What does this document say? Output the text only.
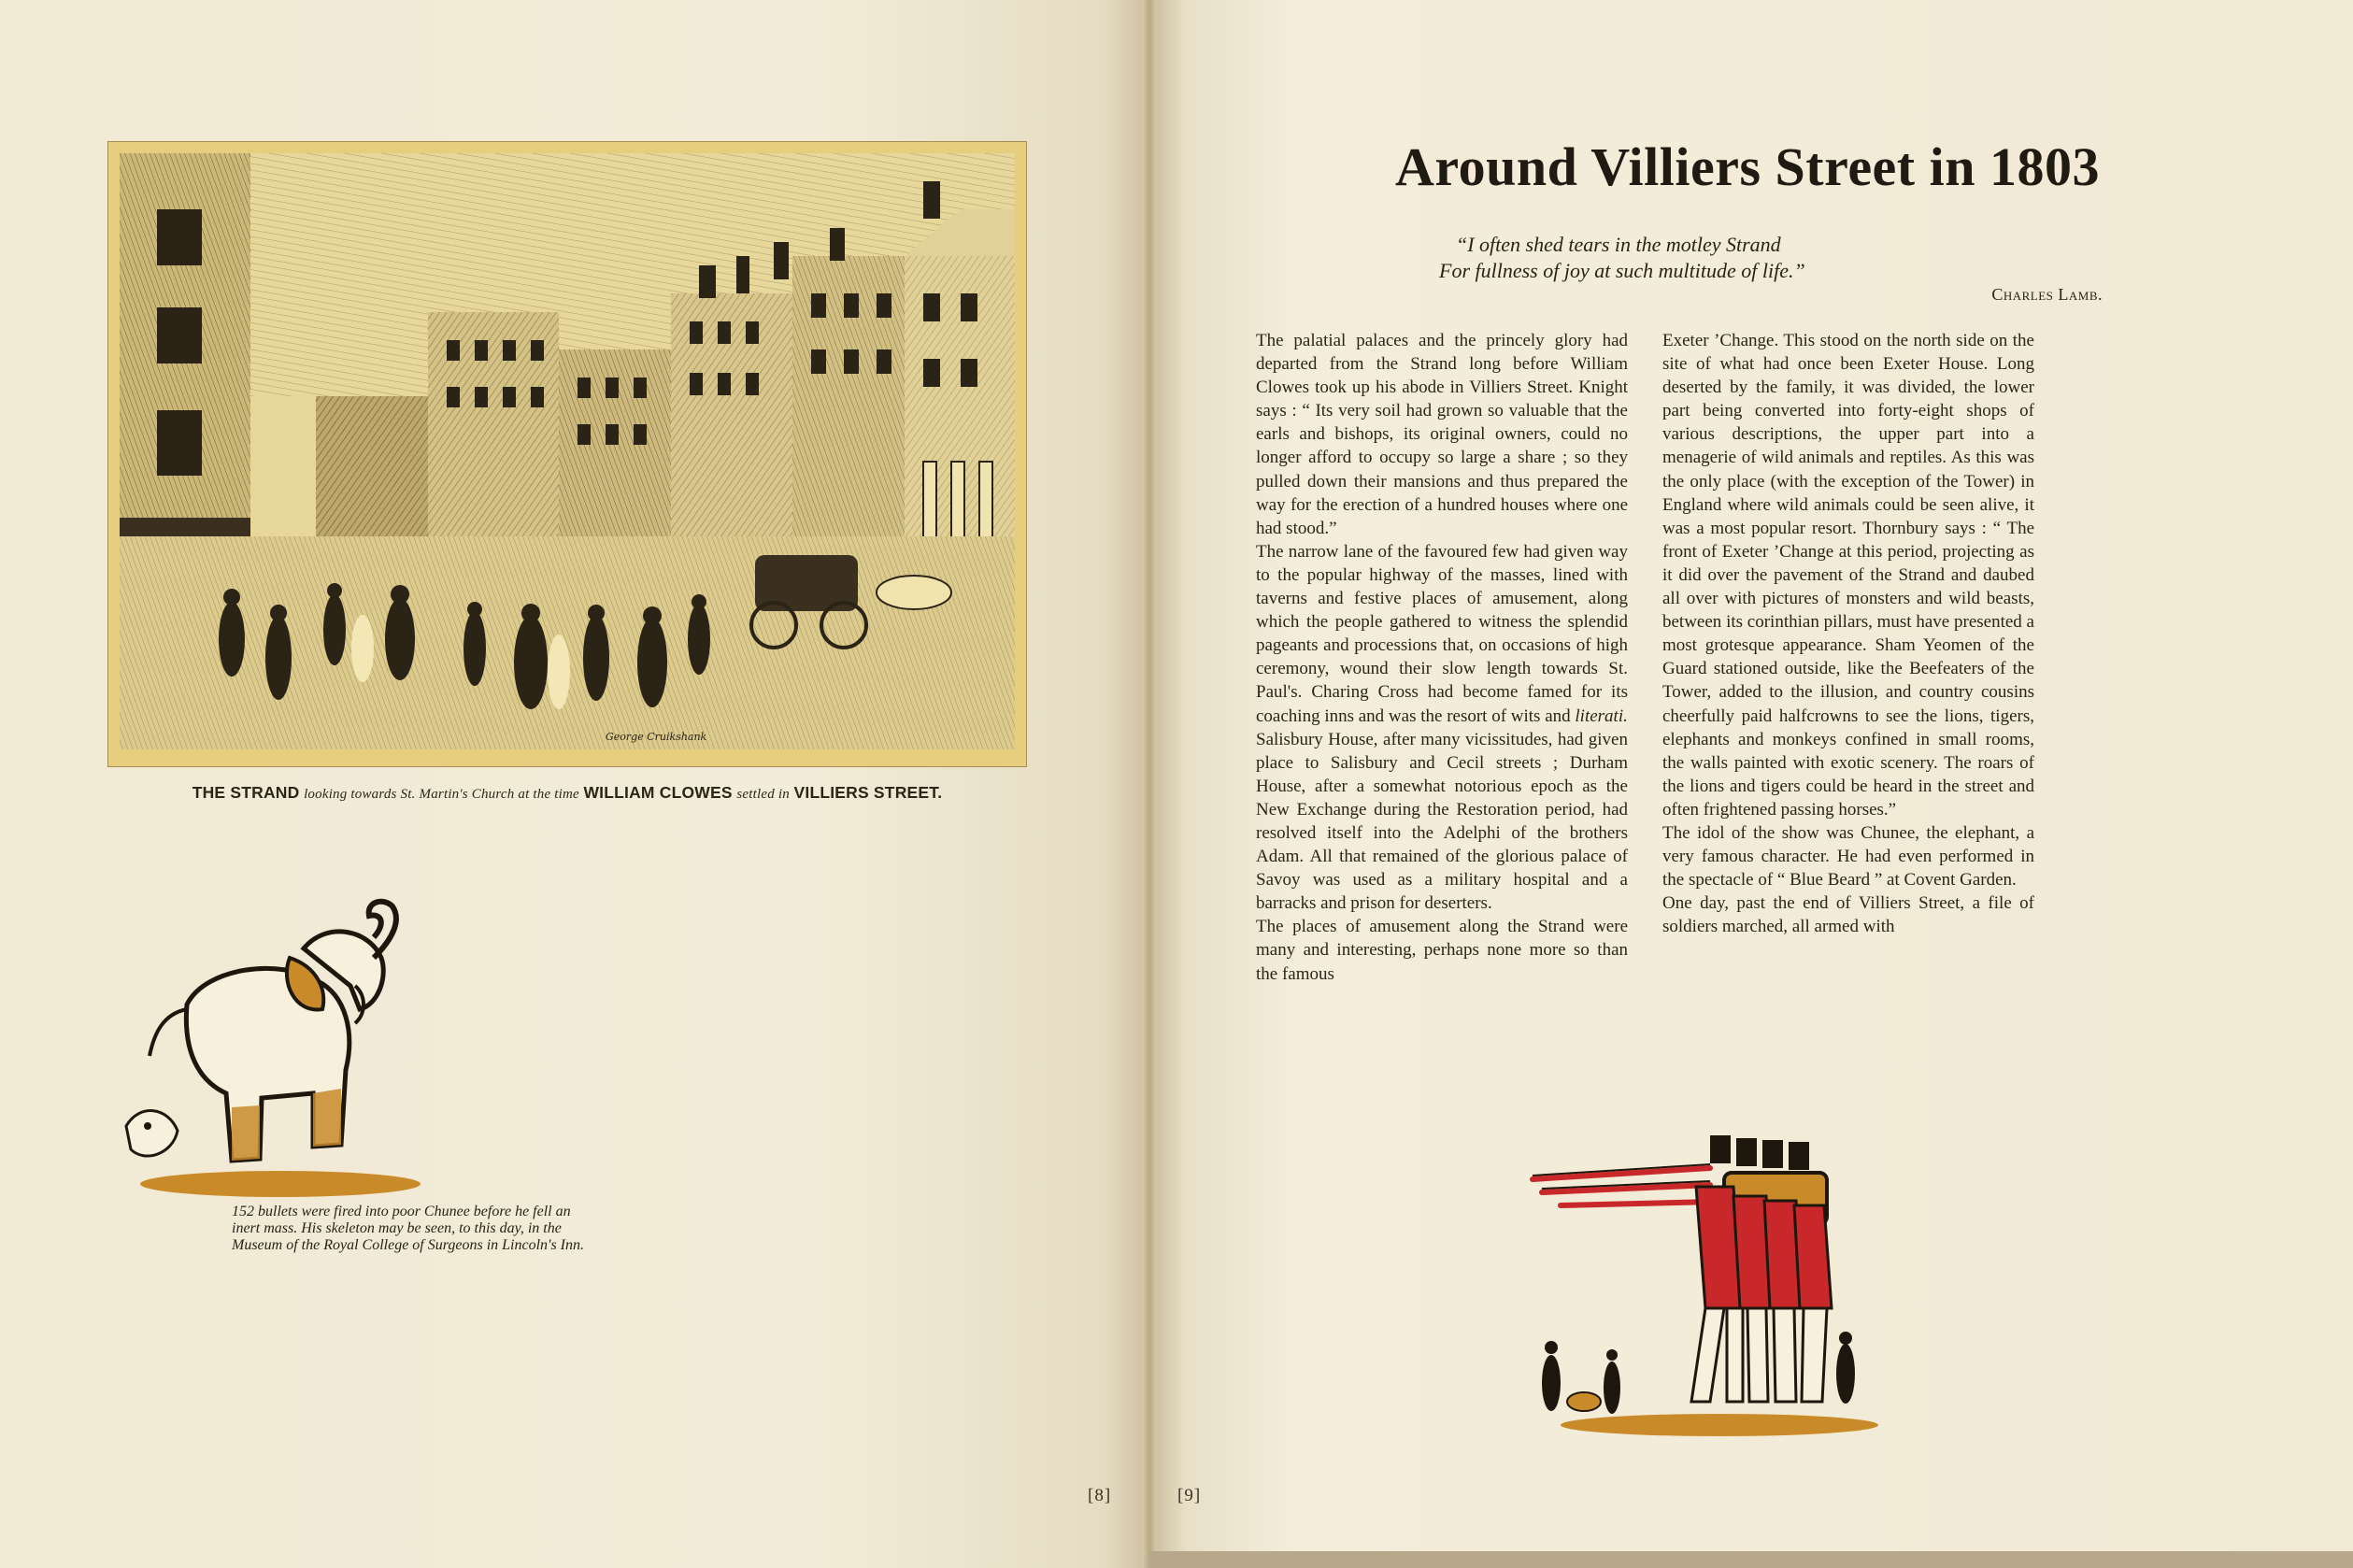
George Cruikshank
THE STRAND looking towards St. Martin's Church at the time WILLIAM CLOWES settled in VILLIERS STREET.
152 bullets were fired into poor Chunee before he fell an inert mass. His skeleton may be seen, to this day, in the Museum of the Royal College of Surgeons in Lincoln's Inn.
[8]
Around Villiers Street in 1803
“I often shed tears in the motley Strand
For fullness of joy at such multitude of life.”
Charles Lamb.

The palatial palaces and the princely glory had departed from the Strand long before William Clowes took up his abode in Villiers Street. Knight says : “ Its very soil had grown so valuable that the earls and bishops, its original owners, could no longer afford to occupy so large a share ; so they pulled down their mansions and thus prepared the way for the erection of a hundred houses where one had stood.”

The narrow lane of the favoured few had given way to the popular highway of the masses, lined with taverns and festive places of amusement, along which the people gathered to witness the splendid pageants and processions that, on occasions of high ceremony, wound their slow length towards St. Paul's. Charing Cross had become famed for its coaching inns and was the resort of wits and literati.

Salisbury House, after many vicissitudes, had given place to Salisbury and Cecil streets ; Durham House, after a somewhat notorious epoch as the New Exchange during the Restoration period, had resolved itself into the Adelphi of the brothers Adam. All that remained of the glorious palace of Savoy was used as a military hospital and a barracks and prison for deserters.

The places of amusement along the Strand were many and interesting, perhaps none more so than the famous

Exeter ’Change. This stood on the north side on the site of what had once been Exeter House. Long deserted by the family, it was divided, the lower part being converted into forty-eight shops of various descriptions, the upper part into a menagerie of wild animals and reptiles. As this was the only place (with the exception of the Tower) in England where wild animals could be seen alive, it was a most popular resort. Thornbury says : “ The front of Exeter ’Change at this period, projecting as it did over the pavement of the Strand and daubed all over with pictures of monsters and wild beasts, between its corinthian pillars, must have presented a most grotesque appearance. Sham Yeomen of the Guard stationed outside, like the Beefeaters of the Tower, added to the illusion, and country cousins cheerfully paid halfcrowns to see the lions, tigers, elephants and monkeys confined in small rooms, the walls painted with exotic scenery. The roars of the lions and tigers could be heard in the street and often frightened passing horses.”

The idol of the show was Chunee, the elephant, a very famous character. He had even performed in the spectacle of “ Blue Beard ” at Covent Garden.

One day, past the end of Villiers Street, a file of soldiers marched, all armed with

[9]
